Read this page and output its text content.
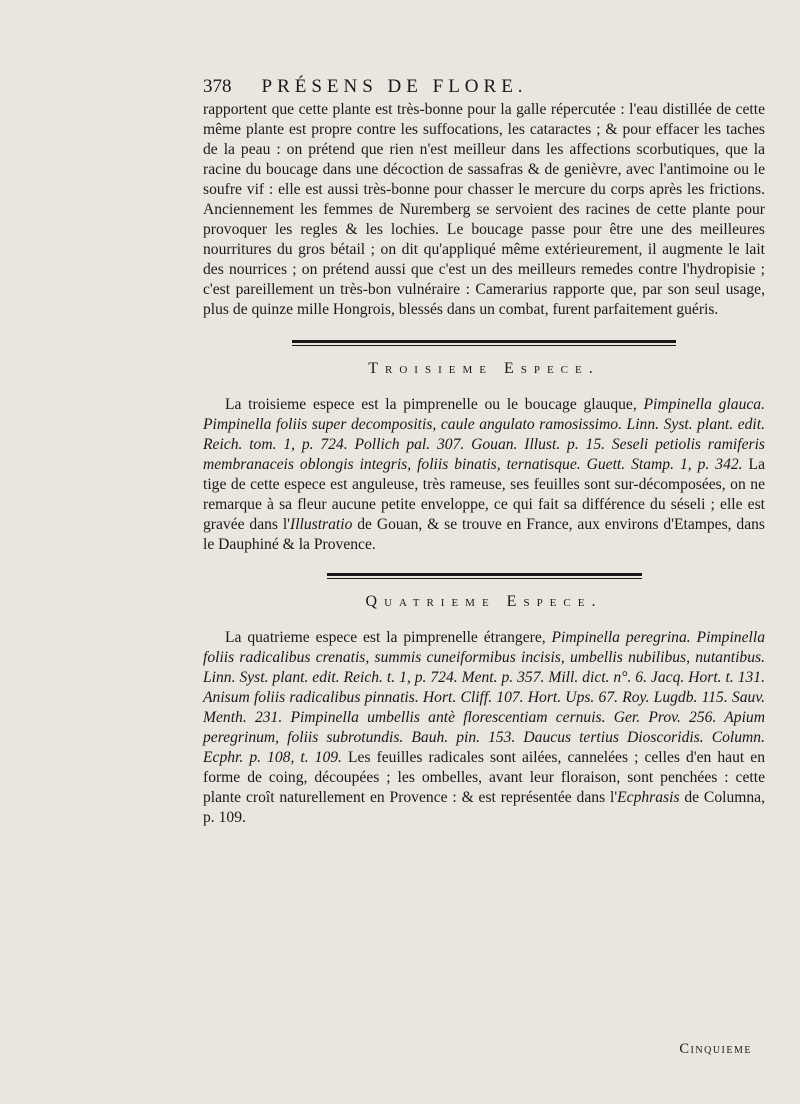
378 PRÉSENS DE FLORE.

rapportent que cette plante est très-bonne pour la galle répercutée : l'eau distillée de cette même plante est propre contre les suffocations, les cataractes ; & pour effacer les taches de la peau : on prétend que rien n'est meilleur dans les affections scorbutiques, que la racine du boucage dans une décoction de sassafras & de genièvre, avec l'antimoine ou le soufre vif : elle est aussi très-bonne pour chasser le mercure du corps après les frictions. Anciennement les femmes de Nuremberg se servoient des racines de cette plante pour provoquer les regles & les lochies. Le boucage passe pour être une des meilleures nourritures du gros bétail ; on dit qu'appliqué même extérieurement, il augmente le lait des nourrices ; on prétend aussi que c'est un des meilleurs remedes contre l'hydropisie ; c'est pareillement un très-bon vulnéraire : Camerarius rapporte que, par son seul usage, plus de quinze mille Hongrois, blessés dans un combat, furent parfaitement guéris.

Troisieme Espece.

La troisieme espece est la pimprenelle ou le boucage glauque, Pimpinella glauca. Pimpinella foliis super decompositis, caule angulato ramosissimo. Linn. Syst. plant. edit. Reich. tom. 1, p. 724. Pollich pal. 307. Gouan. Illust. p. 15. Seseli petiolis ramiferis membranaceis oblongis integris, foliis binatis, ternatisque. Guett. Stamp. 1, p. 342. La tige de cette espece est anguleuse, très rameuse, ses feuilles sont sur-décomposées, on ne remarque à sa fleur aucune petite enveloppe, ce qui fait sa différence du séseli ; elle est gravée dans l'Illustratio de Gouan, & se trouve en France, aux environs d'Etampes, dans le Dauphiné & la Provence.

Quatrieme Espece.

La quatrieme espece est la pimprenelle étrangere, Pimpinella peregrina. Pimpinella foliis radicalibus crenatis, summis cuneiformibus incisis, umbellis nubilibus, nutantibus. Linn. Syst. plant. edit. Reich. t. 1, p. 724. Ment. p. 357. Mill. dict. n°. 6. Jacq. Hort. t. 131. Anisum foliis radicalibus pinnatis. Hort. Cliff. 107. Hort. Ups. 67. Roy. Lugdb. 115. Sauv. Menth. 231. Pimpinella umbellis antè florescentiam cernuis. Ger. Prov. 256. Apium peregrinum, foliis subrotundis. Bauh. pin. 153. Daucus tertius Dioscoridis. Column. Ecphr. p. 108, t. 109. Les feuilles radicales sont ailées, cannelées ; celles d'en haut en forme de coing, découpées ; les ombelles, avant leur floraison, sont penchées : cette plante croît naturellement en Provence : & est représentée dans l'Ecphrasis de Columna, p. 109.

Cinquieme
